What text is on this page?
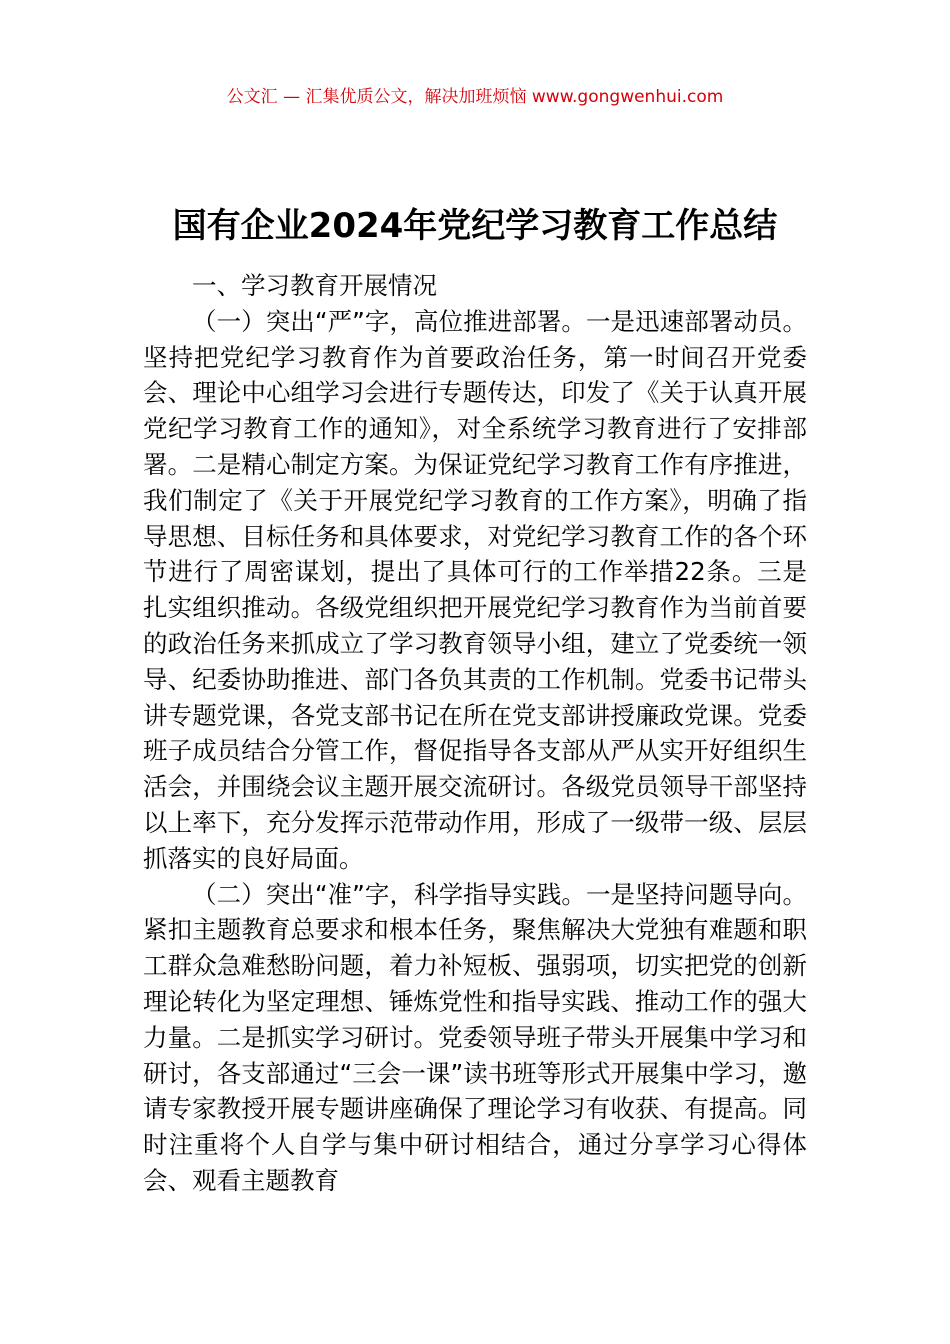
公文汇 — 汇集优质公文，解决加班烦恼 www.gongwenhui.com
国有企业2024年党纪学习教育工作总结

一、学习教育开展情况

（一）突出“严”字，高位推进部署。一是迅速部署动员。坚持把党纪学习教育作为首要政治任务，第一时间召开党委会、理论中心组学习会进行专题传达，印发了《关于认真开展党纪学习教育工作的通知》，对全系统学习教育进行了安排部署。二是精心制定方案。为保证党纪学习教育工作有序推进，我们制定了《关于开展党纪学习教育的工作方案》，明确了指导思想、目标任务和具体要求，对党纪学习教育工作的各个环节进行了周密谋划，提出了具体可行的工作举措22条。三是扎实组织推动。各级党组织把开展党纪学习教育作为当前首要的政治任务来抓成立了学习教育领导小组，建立了党委统一领导、纪委协助推进、部门各负其责的工作机制。党委书记带头讲专题党课，各党支部书记在所在党支部讲授廉政党课。党委班子成员结合分管工作，督促指导各支部从严从实开好组织生活会，并围绕会议主题开展交流研讨。各级党员领导干部坚持以上率下，充分发挥示范带动作用，形成了一级带一级、层层抓落实的良好局面。

（二）突出“准”字，科学指导实践。一是坚持问题导向。紧扣主题教育总要求和根本任务，聚焦解决大党独有难题和职工群众急难愁盼问题，着力补短板、强弱项，切实把党的创新理论转化为坚定理想、锤炼党性和指导实践、推动工作的强大力量。二是抓实学习研讨。党委领导班子带头开展集中学习和研讨，各支部通过“三会一课”读书班等形式开展集中学习，邀请专家教授开展专题讲座确保了理论学习有收获、有提高。同时注重将个人自学与集中研讨相结合，通过分享学习心得体会、观看主题教育
